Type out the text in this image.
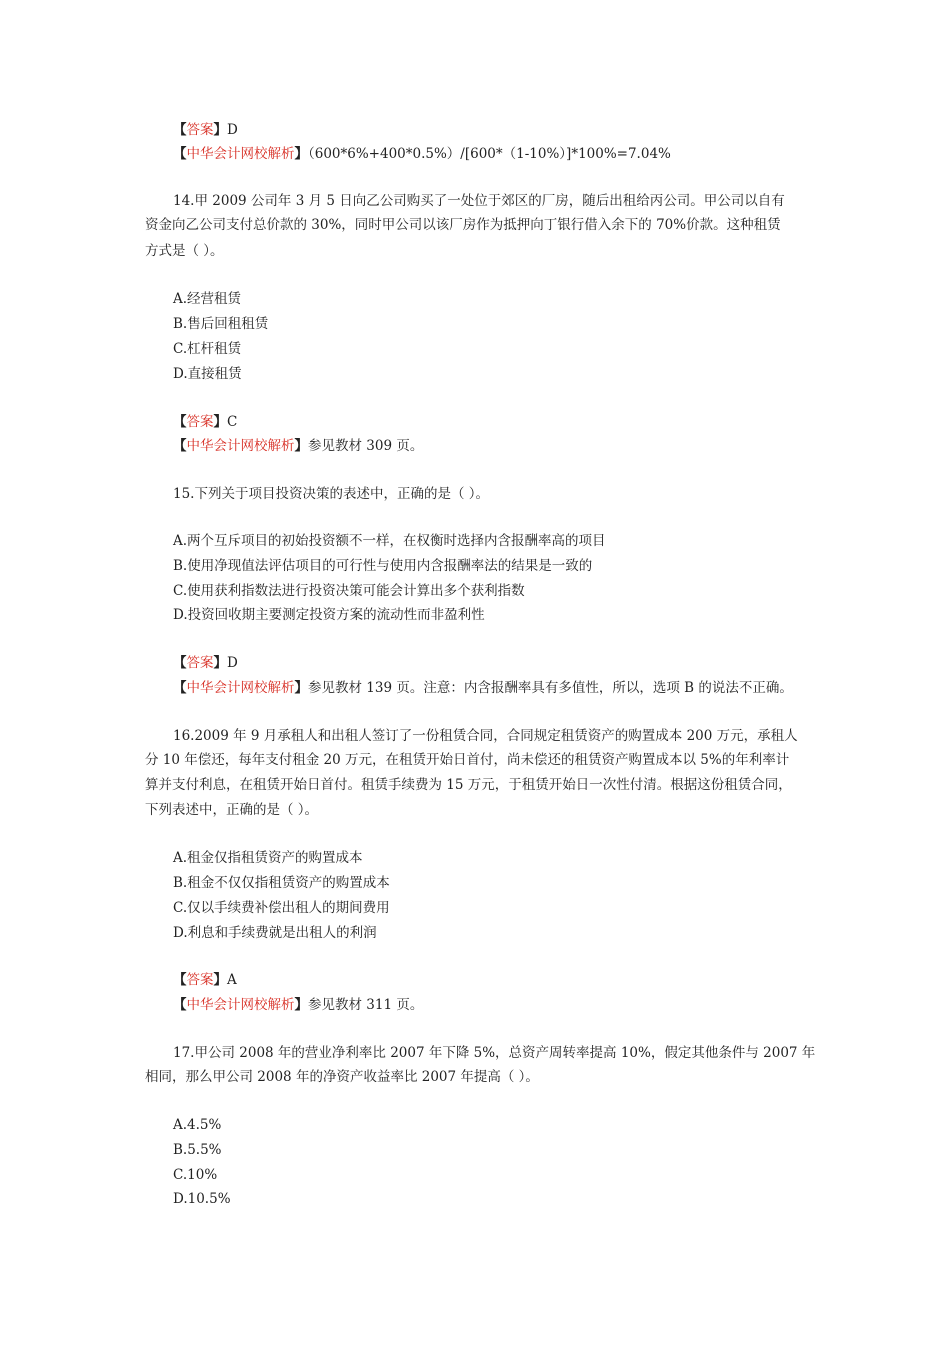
【答案】D
【中华会计网校解析】（600*6%+400*0.5%）/[600*（1-10%）]*100%=7.04%
14.甲 2009 公司年 3 月 5 日向乙公司购买了一处位于郊区的厂房，随后出租给丙公司。甲公司以自有
资金向乙公司支付总价款的 30%，同时甲公司以该厂房作为抵押向丁银行借入余下的 70%价款。这种租赁
方式是（ ）。
A.经营租赁
B.售后回租租赁
C.杠杆租赁
D.直接租赁
【答案】C
【中华会计网校解析】参见教材 309 页。
15.下列关于项目投资决策的表述中，正确的是（ ）。
A.两个互斥项目的初始投资额不一样，在权衡时选择内含报酬率高的项目
B.使用净现值法评估项目的可行性与使用内含报酬率法的结果是一致的
C.使用获利指数法进行投资决策可能会计算出多个获利指数
D.投资回收期主要测定投资方案的流动性而非盈利性
【答案】D
【中华会计网校解析】参见教材 139 页。注意：内含报酬率具有多值性，所以，选项 B 的说法不正确。
16.2009 年 9 月承租人和出租人签订了一份租赁合同，合同规定租赁资产的购置成本 200 万元，承租人
分 10 年偿还，每年支付租金 20 万元，在租赁开始日首付，尚未偿还的租赁资产购置成本以 5%的年利率计
算并支付利息，在租赁开始日首付。租赁手续费为 15 万元，于租赁开始日一次性付清。根据这份租赁合同，
下列表述中，正确的是（ ）。
A.租金仅指租赁资产的购置成本
B.租金不仅仅指租赁资产的购置成本
C.仅以手续费补偿出租人的期间费用
D.利息和手续费就是出租人的利润
【答案】A
【中华会计网校解析】参见教材 311 页。
17.甲公司 2008 年的营业净利率比 2007 年下降 5%，总资产周转率提高 10%，假定其他条件与 2007 年
相同，那么甲公司 2008 年的净资产收益率比 2007 年提高（ ）。
A.4.5%
B.5.5%
C.10%
D.10.5%
